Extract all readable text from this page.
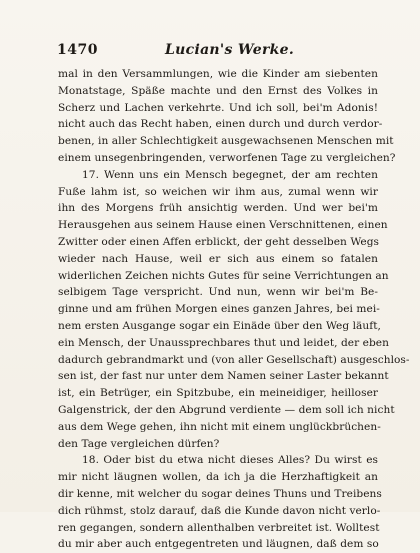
1470	Lucian's Werke.
mal in den Versammlungen, wie die Kinder am siebenten
Monatstage, Späße machte und den Ernst des Volkes in
Scherz und Lachen verkehrte. Und ich soll, bei'm Adonis!
nicht auch das Recht haben, einen durch und durch verdor-
benen, in aller Schlechtigkeit ausgewachsenen Menschen mit
einem unsegenbringenden, verworfenen Tage zu vergleichen?
17. Wenn uns ein Mensch begegnet, der am rechten
Fuße lahm ist, so weichen wir ihm aus, zumal wenn wir
ihn des Morgens früh ansichtig werden. Und wer bei'm
Herausgehen aus seinem Hause einen Verschnittenen, einen
Zwitter oder einen Affen erblickt, der geht desselben Wegs
wieder nach Hause, weil er sich aus einem so fatalen
widerlichen Zeichen nichts Gutes für seine Verrichtungen an
selbigem Tage verspricht. Und nun, wenn wir bei'm Be-
ginne und am frühen Morgen eines ganzen Jahres, bei mei-
nem ersten Ausgange sogar ein Einäde über den Weg läuft,
ein Mensch, der Unaussprechbares thut und leidet, der eben
dadurch gebrandmarkt und (von aller Gesellschaft) ausgeschlos-
sen ist, der fast nur unter dem Namen seiner Laster bekannt
ist, ein Betrüger, ein Spitzbube, ein meineidiger, heilloser
Galgenstrick, der den Abgrund verdiente — dem soll ich nicht
aus dem Wege gehen, ihn nicht mit einem unglückbrüchen-
den Tage vergleichen dürfen?
18. Oder bist du etwa nicht dieses Alles? Du wirst es
mir nicht läugnen wollen, da ich ja die Herzhaftigkeit an
dir kenne, mit welcher du sogar deines Thuns und Treibens
dich rühmst, stolz darauf, daß die Kunde davon nicht verlo-
ren gegangen, sondern allenthalben verbreitet ist. Wolltest
du mir aber auch entgegentreten und läugnen, daß dem so
